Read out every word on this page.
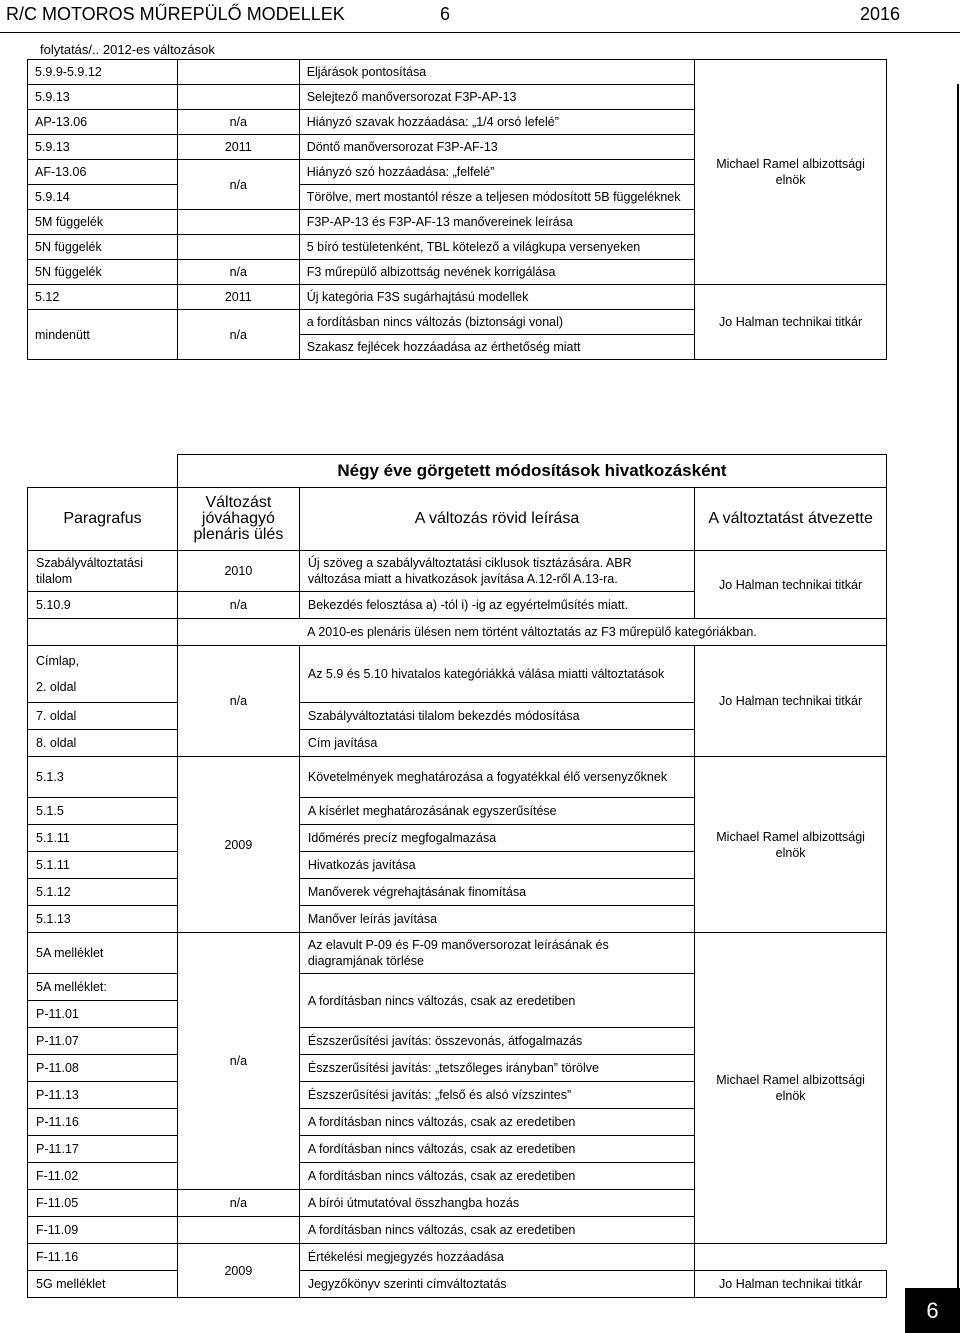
R/C MOTOROS MŰREPÜLŐ MODELLEK	6	2016
folytatás/.. 2012-es változások
5.9.9-5.9.12		Eljárások pontosítása	Michael Ramel albizottsági elnök
5.9.13		Selejtező manőversorozat F3P-AP-13	
AP-13.06	n/a	Hiányzó szavak hozzáadása: „1/4 orsó lefelé”	
5.9.13	2011	Döntő manőversorozat F3P-AF-13	
AF-13.06	n/a	Hiányzó szó hozzáadása: „felfelé”	
5.9.14		Törölve, mert mostantól része a teljesen módosított 5B függeléknek	
5M függelék		F3P-AP-13 és F3P-AF-13 manővereinek leírása	
5N függelék		5 bíró testületenként, TBL kötelező a világkupa versenyeken	
5N függelék	n/a	F3 műrepülő albizottság nevének korrigálása	
5.12	2011	Új kategória F3S sugárhajtású modellek	Jo Halman technikai titkár
mindenütt	n/a	a fordításban nincs változás (biztonsági vonal)	
		Szakasz fejlécek hozzáadása az érthetőség miatt	
	Négy éve görgetett módosítások hivatkozásként		
Paragrafus	Változást jóváhagyó plenáris ülés	A változás rövid leírása	A változtatást átvezette
Szabályváltoztatási tilalom	2010	Új szöveg a szabályváltoztatási ciklusok tisztázására. ABR változása miatt a hivatkozások javítása A.12-ről A.13-ra.	Jo Halman technikai titkár
5.10.9	n/a	Bekezdés felosztása a) -tól i) -ig az egyértelműsítés miatt.	
	A 2010-es plenáris ülésen nem történt változtatás az F3 műrepülő kategóriákban.		

Címlap,
2. oldal	n/a	Az 5.9 és 5.10 hivatalos kategóriákká válása miatti változtatások	Jo Halman technikai titkár

7. oldal		Szabályváltoztatási tilalom bekezdés módosítása	
8. oldal		Cím javítása	
5.1.3	2009	Követelmények meghatározása a fogyatékkal élő versenyzőknek	Michael Ramel albizottsági elnök
5.1.5		A kísérlet meghatározásának egyszerűsítése	
5.1.11		Időmérés precíz megfogalmazása	
5.1.11		Hivatkozás javítása	
5.1.12		Manőverek végrehajtásának finomítása	
5.1.13		Manőver leírás javítása	
5A melléklet	n/a	Az elavult P-09 és F-09 manőversorozat leírásának és diagramjának törlése	Michael Ramel albizottsági elnök
5A melléklet:		A fordításban nincs változás, csak az eredetiben	
P-11.01			
P-11.07		Észszerűsítési javítás: összevonás, átfogalmazás	
P-11.08		Észszerűsítési javítás: „tetszőleges irányban” törölve	
P-11.13		Észszerűsítési javítás: „felső és alsó vízszintes”	
P-11.16		A fordításban nincs változás, csak az eredetiben	
P-11.17		A fordításban nincs változás, csak az eredetiben	
F-11.02		A fordításban nincs változás, csak az eredetiben	
F-11.05	n/a	A bírói útmutatóval összhangba hozás	
F-11.09		A fordításban nincs változás, csak az eredetiben	
F-11.16	2009	Értékelési megjegyzés hozzáadása	
5G melléklet		Jegyzőkönyv szerinti címváltoztatás	Jo Halman technikai titkár
6
